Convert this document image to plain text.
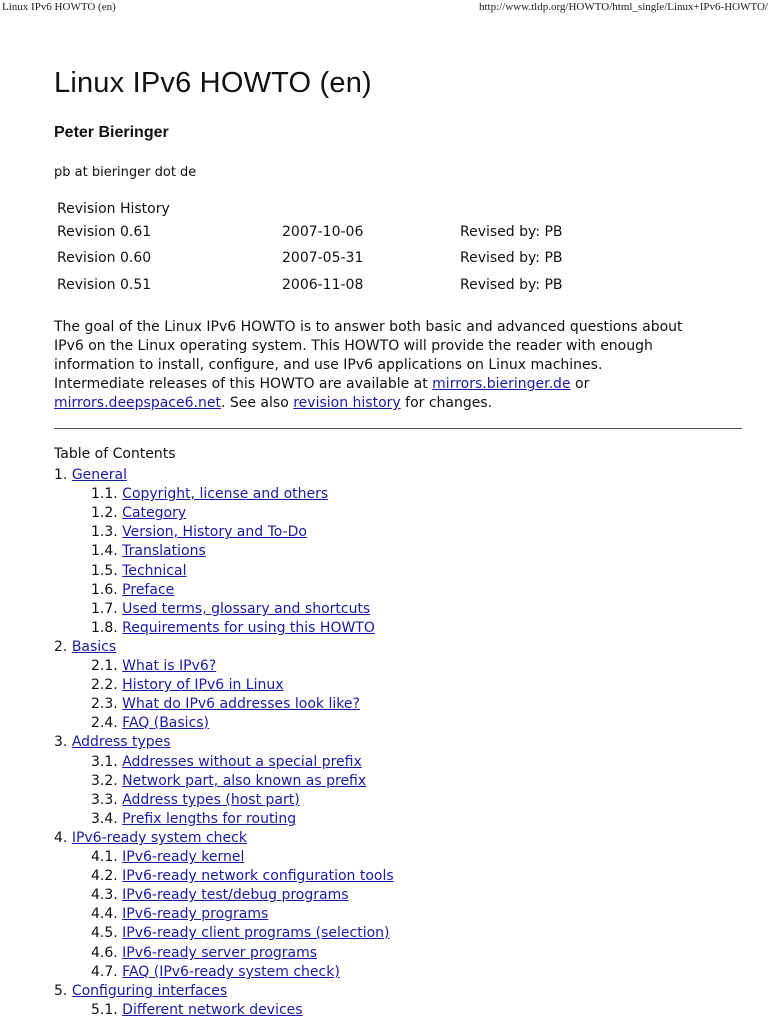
Linux IPv6 HOWTO (en)	http://www.tldp.org/HOWTO/html_single/Linux+IPv6-HOWTO/
Linux IPv6 HOWTO (en)
Peter Bieringer
pb at bieringer dot de
Revision History
Revision 0.61	2007-10-06	Revised by: PB
Revision 0.60	2007-05-31	Revised by: PB
Revision 0.51	2006-11-08	Revised by: PB

The goal of the Linux IPv6 HOWTO is to answer both basic and advanced questions about
IPv6 on the Linux operating system. This HOWTO will provide the reader with enough
information to install, configure, and use IPv6 applications on Linux machines.
Intermediate releases of this HOWTO are available at mirrors.bieringer.de or
mirrors.deepspace6.net. See also revision history for changes.

Table of Contents
1. General
1.1. Copyright, license and others
1.2. Category
1.3. Version, History and To-Do
1.4. Translations
1.5. Technical
1.6. Preface
1.7. Used terms, glossary and shortcuts
1.8. Requirements for using this HOWTO
2. Basics
2.1. What is IPv6?
2.2. History of IPv6 in Linux
2.3. What do IPv6 addresses look like?
2.4. FAQ (Basics)
3. Address types
3.1. Addresses without a special prefix
3.2. Network part, also known as prefix
3.3. Address types (host part)
3.4. Prefix lengths for routing
4. IPv6-ready system check
4.1. IPv6-ready kernel
4.2. IPv6-ready network configuration tools
4.3. IPv6-ready test/debug programs
4.4. IPv6-ready programs
4.5. IPv6-ready client programs (selection)
4.6. IPv6-ready server programs
4.7. FAQ (IPv6-ready system check)
5. Configuring interfaces
5.1. Different network devices
